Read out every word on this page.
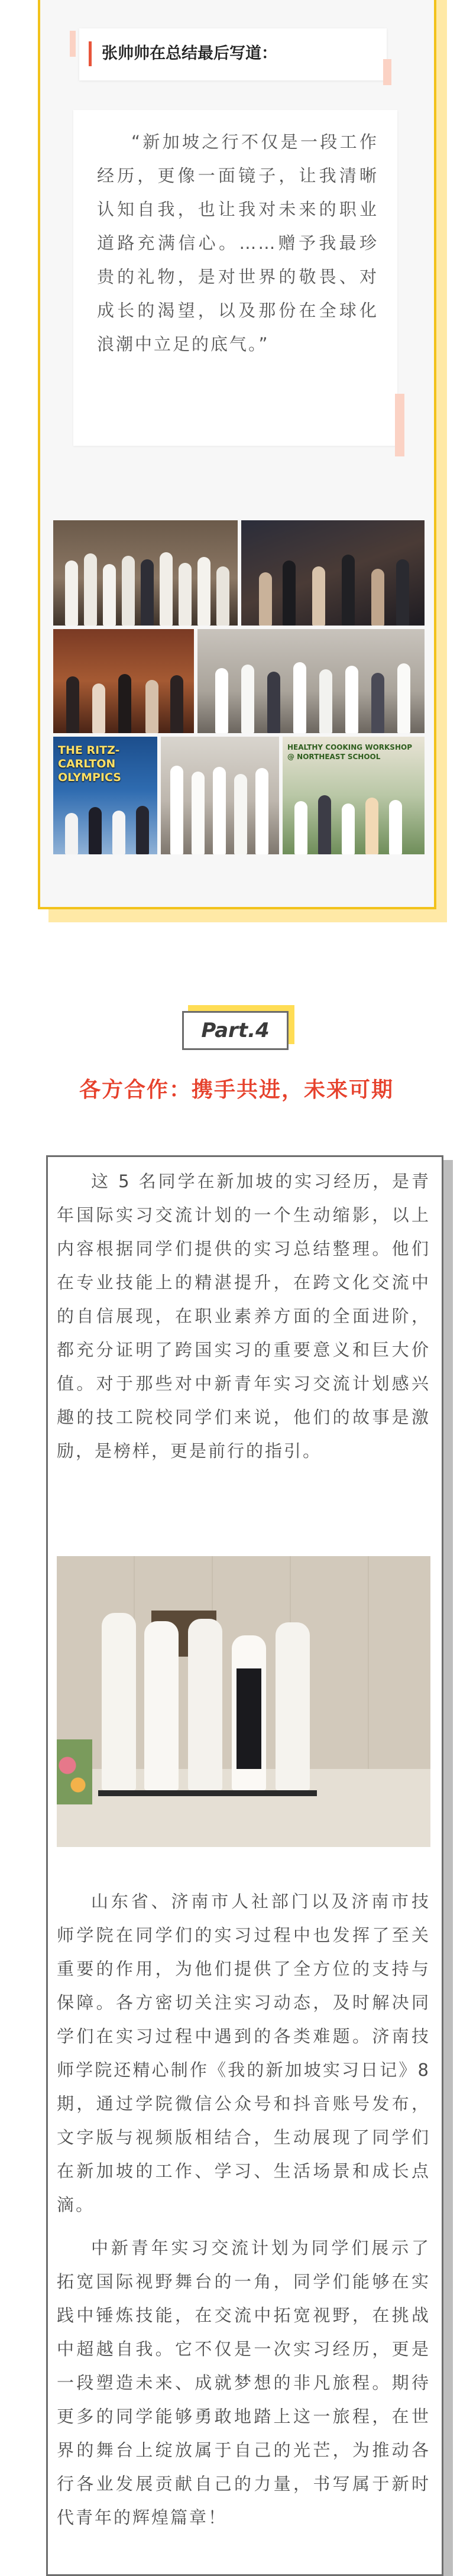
张帅帅在总结最后写道：
“新加坡之行不仅是一段工作经历，更像一面镜子，让我清晰认知自我，也让我对未来的职业道路充满信心。……赠予我最珍贵的礼物，是对世界的敬畏、对成长的渴望，以及那份在全球化浪潮中立足的底气。”
THE RITZ-CARLTON OLYMPICS
HEALTHY COOKING WORKSHOP @ NORTHEAST SCHOOL
Part.4
各方合作：携手共进，未来可期
这 5 名同学在新加坡的实习经历，是青年国际实习交流计划的一个生动缩影，以上内容根据同学们提供的实习总结整理。他们在专业技能上的精湛提升，在跨文化交流中的自信展现，在职业素养方面的全面进阶，都充分证明了跨国实习的重要意义和巨大价值。对于那些对中新青年实习交流计划感兴趣的技工院校同学们来说，他们的故事是激励，是榜样，更是前行的指引。
山东省、济南市人社部门以及济南市技师学院在同学们的实习过程中也发挥了至关重要的作用，为他们提供了全方位的支持与保障。各方密切关注实习动态，及时解决同学们在实习过程中遇到的各类难题。济南技师学院还精心制作《我的新加坡实习日记》8 期，通过学院微信公众号和抖音账号发布，文字版与视频版相结合，生动展现了同学们在新加坡的工作、学习、生活场景和成长点滴。
中新青年实习交流计划为同学们展示了拓宽国际视野舞台的一角，同学们能够在实践中锤炼技能，在交流中拓宽视野，在挑战中超越自我。它不仅是一次实习经历，更是一段塑造未来、成就梦想的非凡旅程。期待更多的同学能够勇敢地踏上这一旅程，在世界的舞台上绽放属于自己的光芒，为推动各行各业发展贡献自己的力量，书写属于新时代青年的辉煌篇章！
